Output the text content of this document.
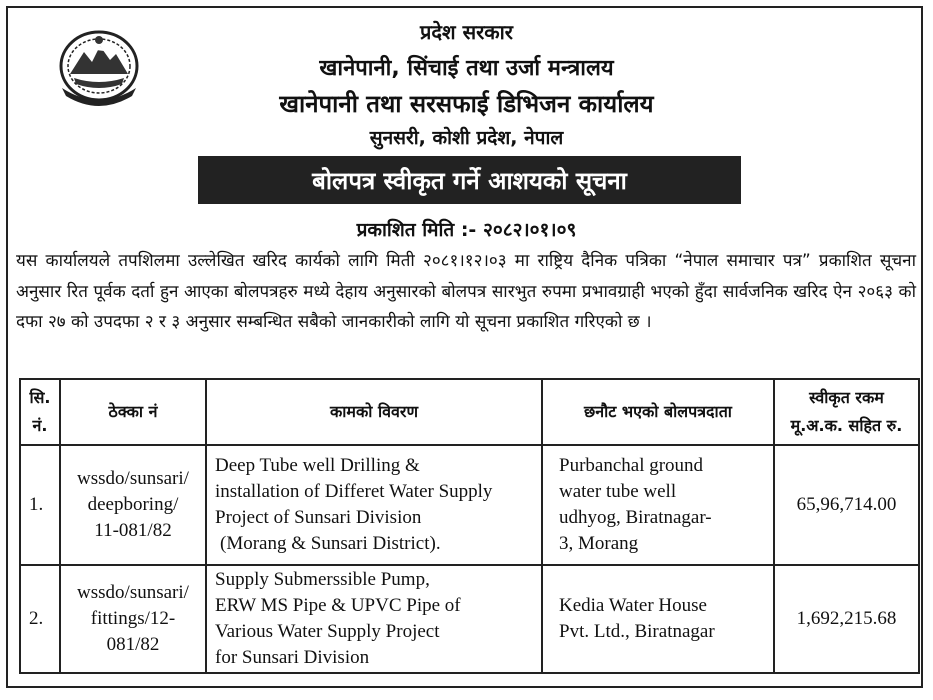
प्रदेश सरकार
खानेपानी, सिंचाई तथा उर्जा मन्त्रालय
खानेपानी तथा सरसफाई डिभिजन कार्यालय
सुनसरी, कोशी प्रदेश, नेपाल
बोलपत्र स्वीकृत गर्ने आशयको सूचना
प्रकाशित मिति :- २०८२।०१।०९
यस कार्यालयले तपशिलमा उल्लेखित खरिद कार्यको लागि मिती २०८१।१२।०३ मा राष्ट्रिय दैनिक पत्रिका “नेपाल समाचार पत्र” प्रकाशित सूचना अनुसार रित पूर्वक दर्ता हुन आएका बोलपत्रहरु मध्ये देहाय अनुसारको बोलपत्र सारभुत रुपमा प्रभावग्राही भएको हुँदा सार्वजनिक खरिद ऐन २०६३ को दफा २७ को उपदफा २ र ३ अनुसार सम्बन्धित सबैको जानकारीको लागि यो सूचना प्रकाशित गरिएको छ ।
सि.
नं.	ठेक्का नं	कामको विवरण	छनौट भएको बोलपत्रदाता	स्वीकृत रकम
मू.अ.क. सहित रु.

1.	wssdo/sunsari/
deepboring/
11-081/82	Deep Tube well Drilling &
installation of Differet Water Supply
Project of Sunsari Division
(Morang & Sunsari District).	Purbanchal ground
water tube well
udhyog, Biratnagar-
3, Morang	65,96,714.00
2.	wssdo/sunsari/
fittings/12-
081/82	Supply Submerssible Pump,
ERW MS Pipe & UPVC Pipe of
Various Water Supply Project
for Sunsari Division	Kedia Water House
Pvt. Ltd., Biratnagar	1,692,215.68
